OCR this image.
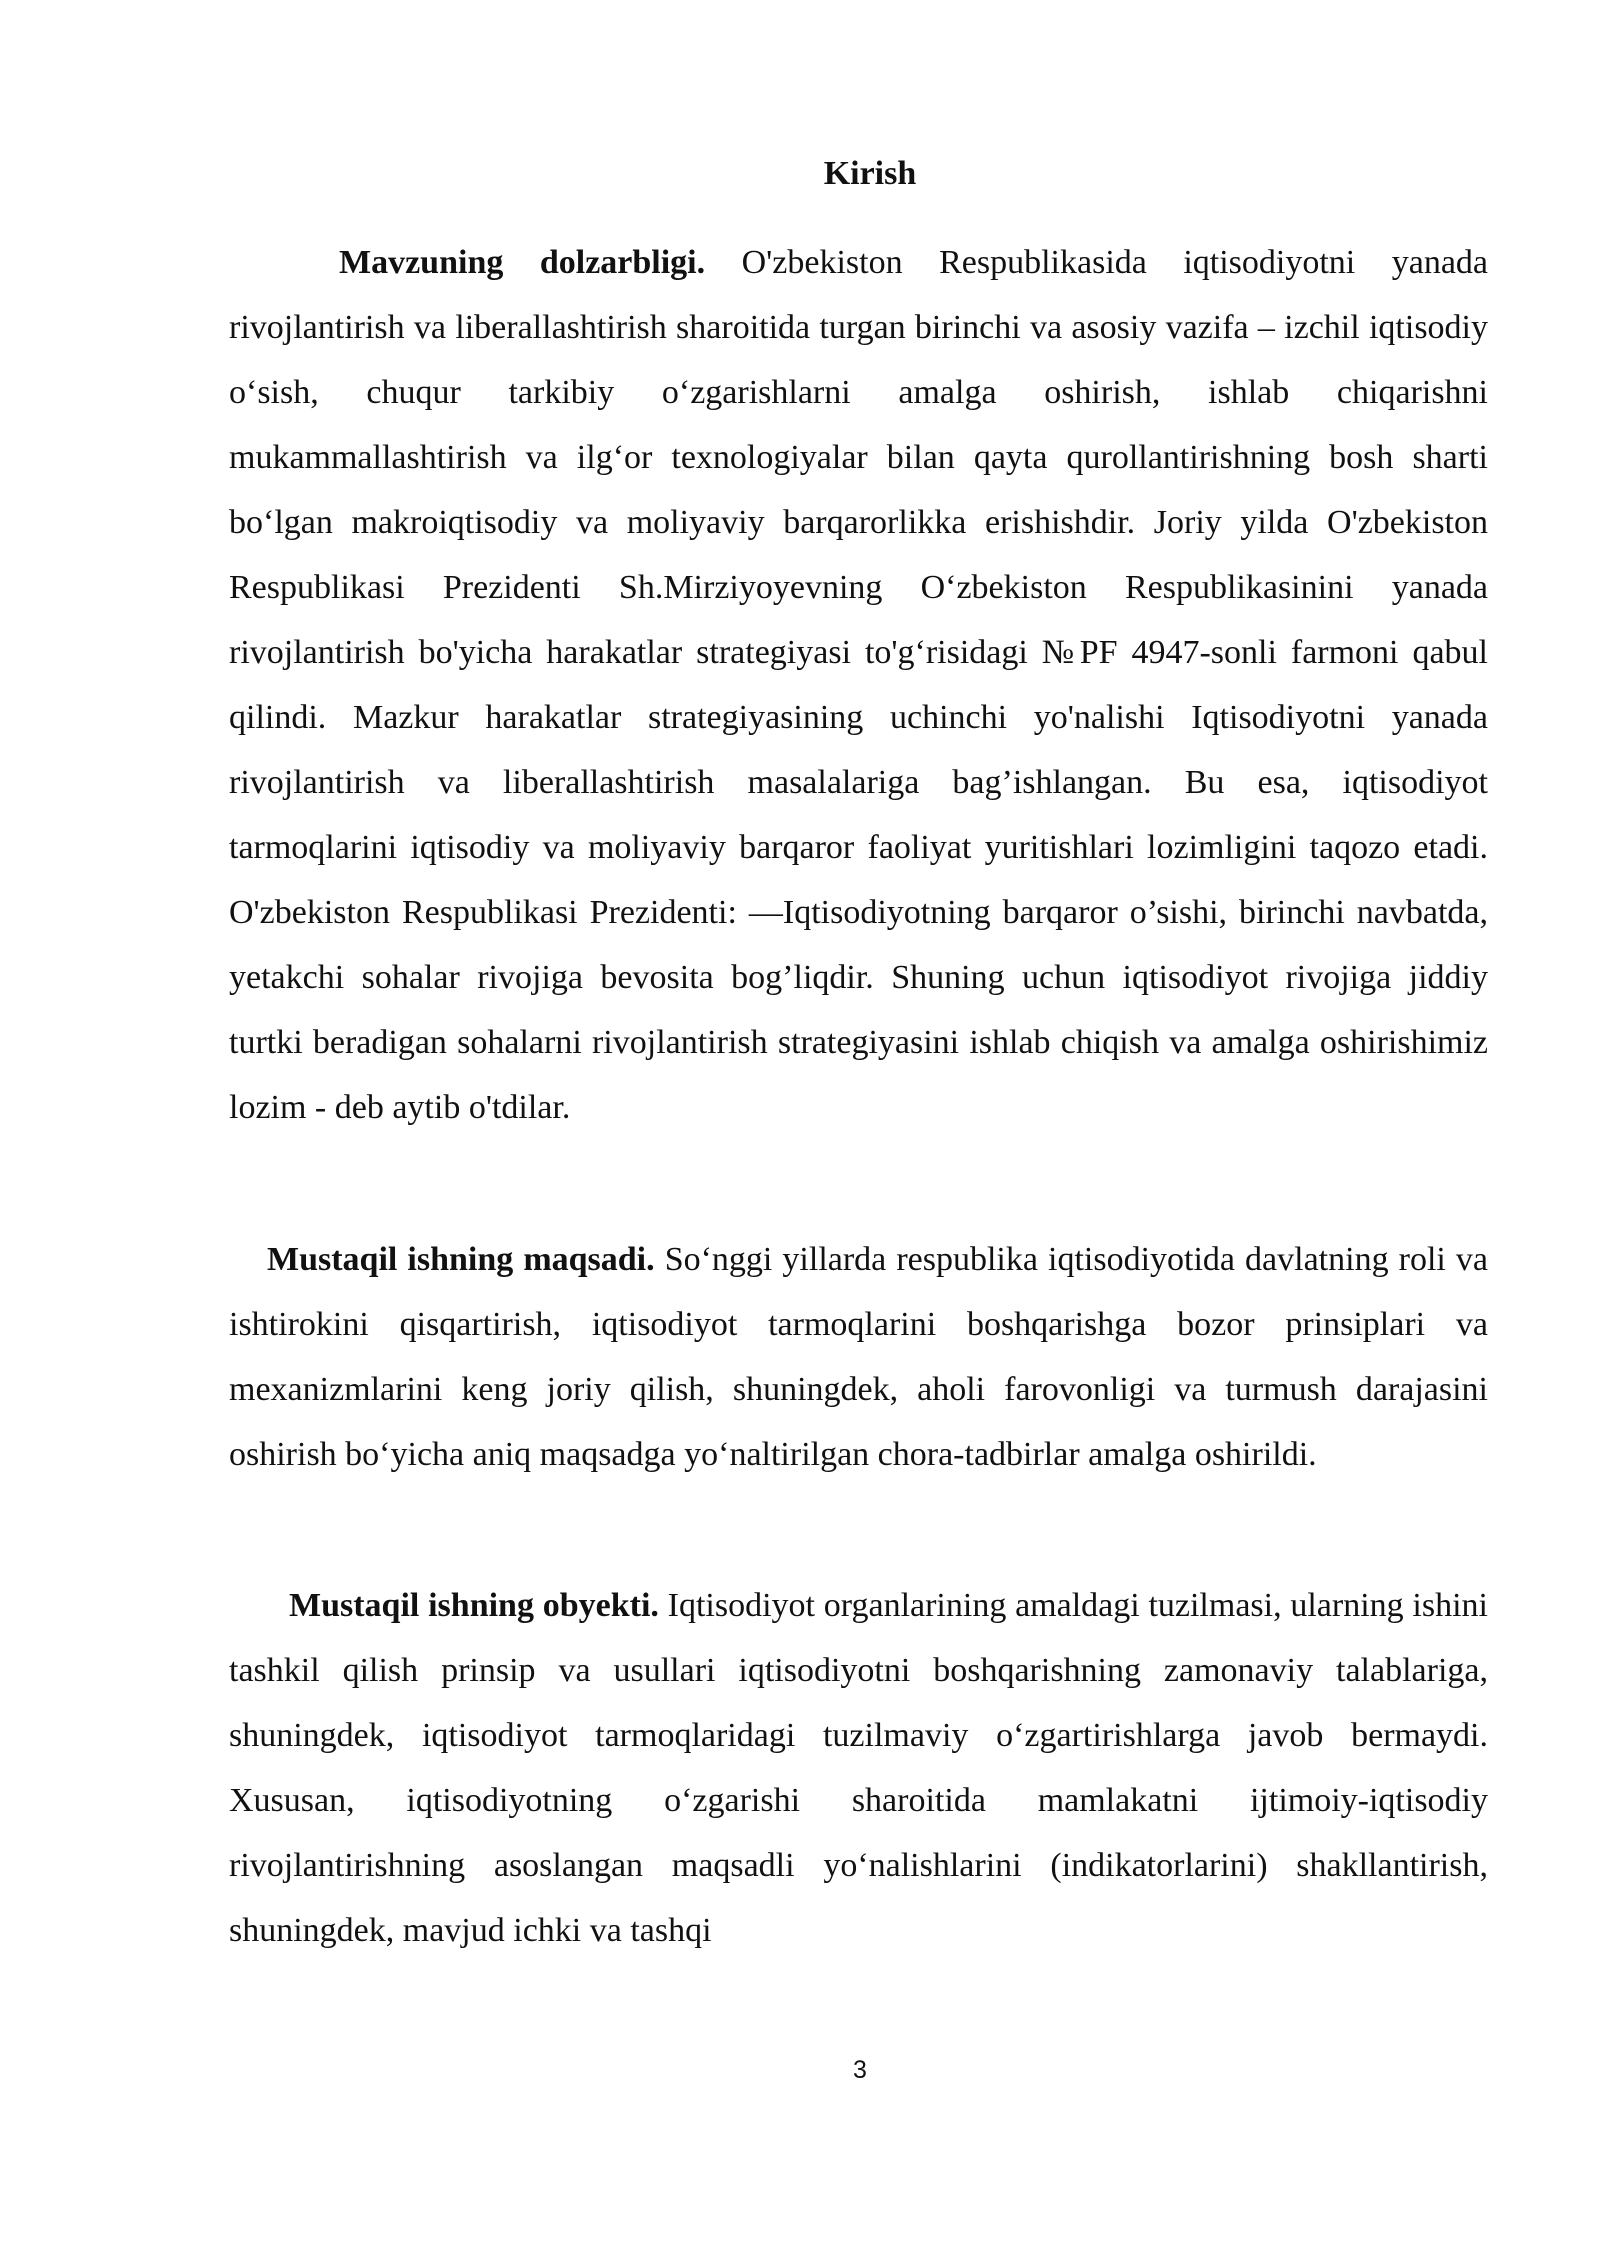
Kirish

Mavzuning dolzarbligi. O'zbekiston Respublikasida iqtisodiyotni yanada rivojlantirish va liberallashtirish sharoitida turgan birinchi va asosiy vazifa – izchil iqtisodiy o‘sish, chuqur tarkibiy o‘zgarishlarni amalga oshirish, ishlab chiqarishni mukammallashtirish va ilg‘or texnologiyalar bilan qayta qurollantirishning bosh sharti bo‘lgan makroiqtisodiy va moliyaviy barqarorlikka erishishdir. Joriy yilda O'zbekiston Respublikasi Prezidenti Sh.Mirziyoyevning O‘zbekiston Respublikasinini yanada rivojlantirish bo'yicha harakatlar strategiyasi to'g‘risidagi №PF 4947-sonli farmoni qabul qilindi. Mazkur harakatlar strategiyasining uchinchi yo'nalishi Iqtisodiyotni yanada rivojlantirish va liberallashtirish masalalariga bag’ishlangan. Bu esa, iqtisodiyot tarmoqlarini iqtisodiy va moliyaviy barqaror faoliyat yuritishlari lozimligini taqozo etadi. O'zbekiston Respublikasi Prezidenti: ―Iqtisodiyotning barqaror o’sishi, birinchi navbatda, yetakchi sohalar rivojiga bevosita bog’liqdir. Shuning uchun iqtisodiyot rivojiga jiddiy turtki beradigan sohalarni rivojlantirish strategiyasini ishlab chiqish va amalga oshirishimiz lozim - deb aytib o'tdilar.

Mustaqil ishning maqsadi. So‘nggi yillarda respublika iqtisodiyotida davlatning roli va ishtirokini qisqartirish, iqtisodiyot tarmoqlarini boshqarishga bozor prinsiplari va mexanizmlarini keng joriy qilish, shuningdek, aholi farovonligi va turmush darajasini oshirish bo‘yicha aniq maqsadga yo‘naltirilgan chora-tadbirlar amalga oshirildi.

Mustaqil ishning obyekti. Iqtisodiyot organlarining amaldagi tuzilmasi, ularning ishini tashkil qilish prinsip va usullari iqtisodiyotni boshqarishning zamonaviy talablariga, shuningdek, iqtisodiyot tarmoqlaridagi tuzilmaviy o‘zgartirishlarga javob bermaydi. Xususan, iqtisodiyotning o‘zgarishi sharoitida mamlakatni ijtimoiy-iqtisodiy rivojlantirishning asoslangan maqsadli yo‘nalishlarini (indikatorlarini) shakllantirish, shuningdek, mavjud ichki va tashqi

3
